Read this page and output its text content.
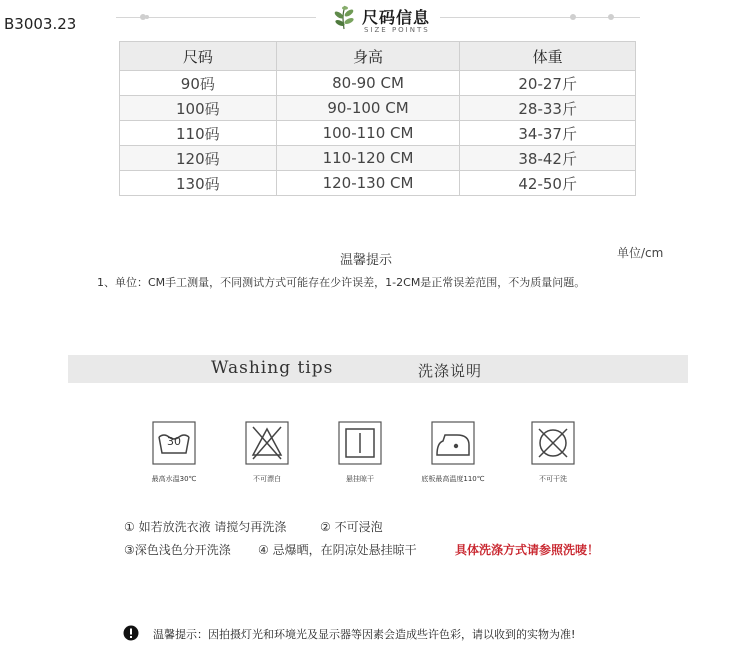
B3003.23	尺码信息
SIZE POINTS
尺码	身高	体重
90码	80-90 CM	20-27斤
100码	90-100 CM	28-33斤
110码	100-110 CM	34-37斤
120码	110-120 CM	38-42斤
130码	120-130 CM	42-50斤
单位/cm
温馨提示
1、单位：CM手工测量，不同测试方式可能存在少许误差，1-2CM是正常误差范围，不为质量问题。
Washing tips	洗涤说明
30
最高水温30℃	不可漂白	悬挂晾干	底板最高温度110℃	不可干洗
① 如若放洗衣液 请搅匀再洗涤	② 不可浸泡
③深色浅色分开洗涤 ④ 忌爆晒，在阴凉处悬挂晾干	具体洗涤方式请参照洗唛！
温馨提示：因拍摄灯光和环境光及显示器等因素会造成些许色彩，请以收到的实物为准!
